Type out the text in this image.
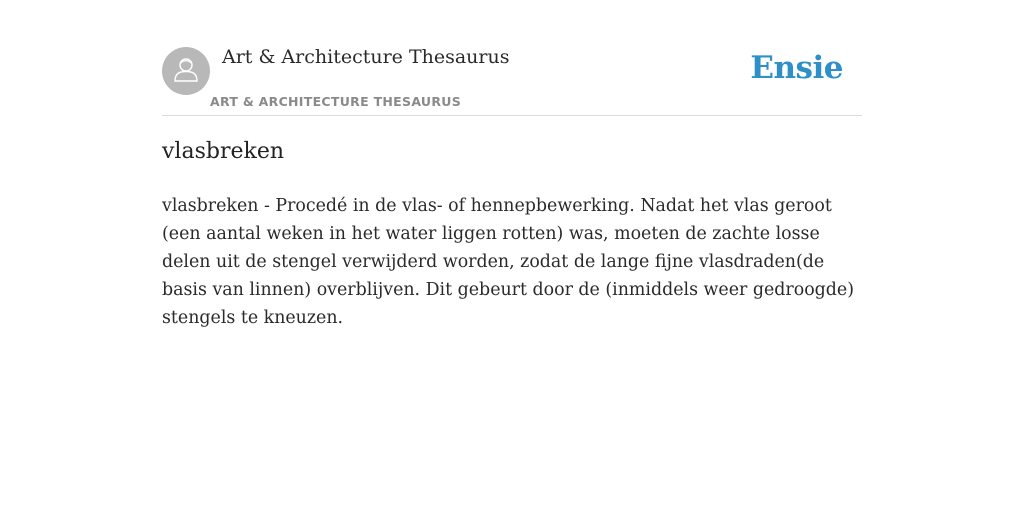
Art & Architecture Thesaurus
ART & ARCHITECTURE THESAURUS
Ensie
vlasbreken

vlasbreken - Procedé in de vlas- of hennepbewerking. Nadat het vlas geroot (een aantal weken in het water liggen rotten) was, moeten de zachte losse delen uit de stengel verwijderd worden, zodat de lange fijne vlasdraden(de basis van linnen) overblijven. Dit gebeurt door de (inmiddels weer gedroogde) stengels te kneuzen.
